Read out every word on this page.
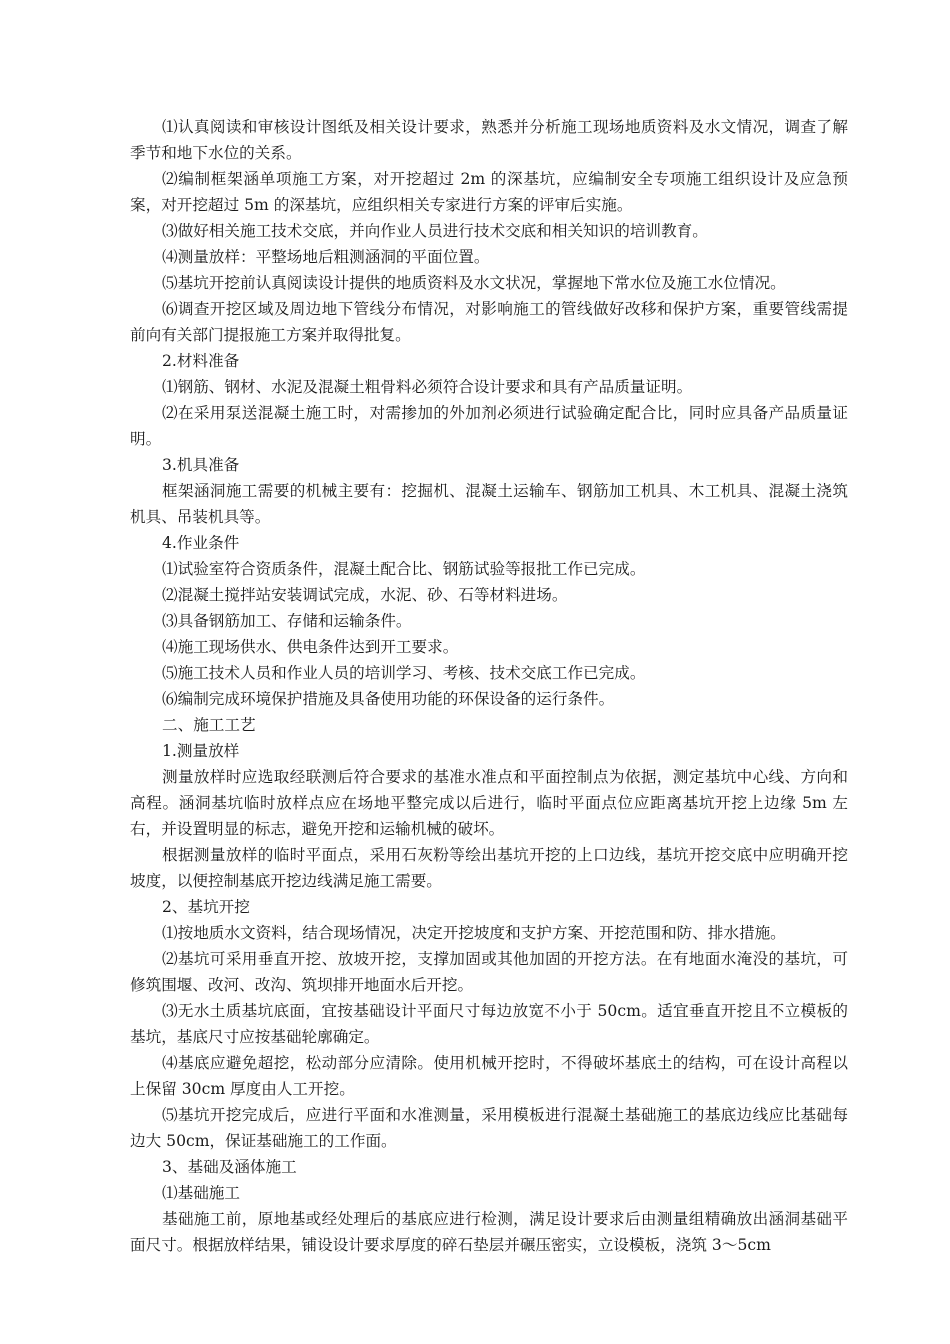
⑴认真阅读和审核设计图纸及相关设计要求，熟悉并分析施工现场地质资料及水文情况，调查了解季节和地下水位的关系。

⑵编制框架涵单项施工方案，对开挖超过 2m 的深基坑，应编制安全专项施工组织设计及应急预案，对开挖超过 5m 的深基坑，应组织相关专家进行方案的评审后实施。

⑶做好相关施工技术交底，并向作业人员进行技术交底和相关知识的培训教育。

⑷测量放样：平整场地后粗测涵洞的平面位置。

⑸基坑开挖前认真阅读设计提供的地质资料及水文状况，掌握地下常水位及施工水位情况。

⑹调查开挖区域及周边地下管线分布情况，对影响施工的管线做好改移和保护方案，重要管线需提前向有关部门提报施工方案并取得批复。

2.材料准备

⑴钢筋、钢材、水泥及混凝土粗骨料必须符合设计要求和具有产品质量证明。

⑵在采用泵送混凝土施工时，对需掺加的外加剂必须进行试验确定配合比，同时应具备产品质量证明。

3.机具准备

框架涵洞施工需要的机械主要有：挖掘机、混凝土运输车、钢筋加工机具、木工机具、混凝土浇筑机具、吊装机具等。

4.作业条件

⑴试验室符合资质条件，混凝土配合比、钢筋试验等报批工作已完成。

⑵混凝土搅拌站安装调试完成，水泥、砂、石等材料进场。

⑶具备钢筋加工、存储和运输条件。

⑷施工现场供水、供电条件达到开工要求。

⑸施工技术人员和作业人员的培训学习、考核、技术交底工作已完成。

⑹编制完成环境保护措施及具备使用功能的环保设备的运行条件。

二、施工工艺

1.测量放样

测量放样时应选取经联测后符合要求的基准水准点和平面控制点为依据，测定基坑中心线、方向和高程。涵洞基坑临时放样点应在场地平整完成以后进行，临时平面点位应距离基坑开挖上边缘 5m 左右，并设置明显的标志，避免开挖和运输机械的破坏。

根据测量放样的临时平面点，采用石灰粉等绘出基坑开挖的上口边线，基坑开挖交底中应明确开挖坡度，以便控制基底开挖边线满足施工需要。

2、基坑开挖

⑴按地质水文资料，结合现场情况，决定开挖坡度和支护方案、开挖范围和防、排水措施。

⑵基坑可采用垂直开挖、放坡开挖，支撑加固或其他加固的开挖方法。在有地面水淹没的基坑，可修筑围堰、改河、改沟、筑坝排开地面水后开挖。

⑶无水土质基坑底面，宜按基础设计平面尺寸每边放宽不小于 50cm。适宜垂直开挖且不立模板的基坑，基底尺寸应按基础轮廓确定。

⑷基底应避免超挖，松动部分应清除。使用机械开挖时，不得破坏基底土的结构，可在设计高程以上保留 30cm 厚度由人工开挖。

⑸基坑开挖完成后，应进行平面和水准测量，采用模板进行混凝土基础施工的基底边线应比基础每边大 50cm，保证基础施工的工作面。

3、基础及涵体施工

⑴基础施工

基础施工前，原地基或经处理后的基底应进行检测，满足设计要求后由测量组精确放出涵洞基础平面尺寸。根据放样结果，铺设设计要求厚度的碎石垫层并碾压密实，立设模板，浇筑 3～5cm
